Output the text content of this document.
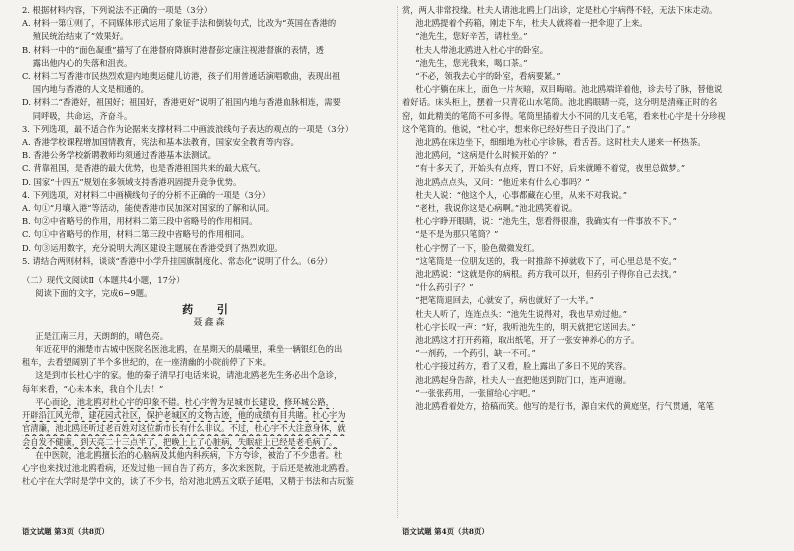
2. 根据材料内容，下列说法不正确的一项是（3分）

A. 材料一第①则了，不同媒体形式运用了象征手法和倒装句式，比改为“英国在香港的

殖民统治结束了”效果好。

B. 材料一中的“面色凝重”描写了在港督府降旗时港督彭定康注视港督旗的表情，透

露出他内心的失落和沮丧。

C. 材料二写香港市民热烈欢迎内地奥运健儿访港，孩子们用普通话演唱歌曲，表现出祖

国内地与香港的人文是相通的。

D. 材料二“香港好，祖国好；祖国好，香港更好”说明了祖国内地与香港血脉相连，需要

同呼吸，共命运，齐奋斗。

3. 下列选项，最不适合作为论据来支撑材料二中画波浪线句子表达的观点的一项是（3分）

A. 香港学校课程增加国情教育，宪法和基本法教育，国家安全教育等内容。

B. 香港公务学校新聘教师均须通过香港基本法测试。

C. 背靠祖国，是香港的最大优势，也是香港祖国共来的最大底气。

D. 国家“十四五”规划在多领域支持香港巩固提升竞争优势。

4. 下列选项，对材料二中画横线句子的分析不正确的一项是（3分）

A. 句①“月壤入港”等活动，能使香港市民加深对国家的了解和认同。

B. 句②中省略号的作用，用材料二第三段中省略号的作用相同。

C. 句①中省略号的作用，材料二第三段中省略号的作用相同。

D. 句③运用数字，充分说明大湾区建设主题展在香港受到了热烈欢迎。

5. 请结合两则材料，谈谈“香港中小学升挂国旗制度化、常态化”说明了什么。（6分）

（二）现代文阅读Ⅱ（本题共4小题，17分）

阅读下面的文字，完成6~9题。

药 引

聂鑫森

正是江南三月，天朗朗的，晴色亮。

年近花甲的湘楚市古城中医院名医池北鸥，在星期天的晨曦里，乘坐一辆银红色的出

租车，去看望阔别了半个多世纪的，在一座清幽的小院前停了下来。

这是到市长杜心宇的家。他的秦子清早打电话来说，请池北鸥老先生务必出个急诊，

每年来看，“心未本来，我自个儿去！”

平心而论，池北鸥对杜心宇的印象不错。杜心宇曾为足城市长建设，修环城公路，

开辟沿江风光带，建花园式社区，保护老城区的文物古迹，他的成绩有目共睹。杜心宇为

官清廉，池北鸥还听过老百姓对这位新市长有什么非议。不过，杜心宇不大注意身体，就

会自发不健康，到天亮二十三点半了，把晚上上了心脏病，失眠症上已经是老毛病了。

在中医院，池北鸥擅长治的心脑病及其他内科疾病，下方夸诊，被治了不少患者。杜

心宇也来找过池北鸥看病，还发过他一回自告了药方，多次来医院，于后还是被池北鸥看。

杜心宇在大学时是学中文的，读了不少书，给对池北鸥五文联子延唱，又精于书法和古玩鉴

赏，两人非常投缘。杜夫人请池北鸥上门出诊，定是杜心宇病得不轻，无法下床走动。

池北鸥提着个药箱，刚走下车，杜夫人就将着一把伞迎了上来。

“池先生，您好辛苦，请杜坐。”

杜夫人带池北鸥进入杜心宇的卧室。

“池先生，您光我来，喝口茶。”

“不必，领我去心宇的卧室，看病要紧。”

杜心宇躺在床上，面色一片灰暗，双目晦暗。池北鸥端详着他，诊去号了脉，替他说

着好话。床头柜上，摆着一只青花山水笔筒。池北鸥眼睛一亮，这分明是清雍正时的名

窑，如此精美的笔筒不可多得。笔筒里插着大小不同的几支毛笔，看来杜心宇是十分珍视

这个笔筒的。他说，“杜心宇，想来你已经好些日子没出门了。”

池北鸥在床边坐下，细细地为杜心宇诊脉，看舌苔。这时杜夫人递来一杯热茶。

池北鸥问，“这病是什么时候开始的？”

“有十多天了，开始头有点疼，胃口不好，后来就睡不着觉，夜里总做梦。”

池北鸥点点头，又问：“他近来有什么心事吗？”

杜夫人说：“他这个人，心事都藏在心里，从来不对我说。”

“老杜，我说你这是心病啊。”池北鸥笑着说。

杜心宇睁开眼睛，说：“池先生，您看得很准，我确实有一件事放不下。”

“是不是为那只笔筒？”

杜心宇愣了一下，脸色微微发红。

“这笔筒是一位朋友送的，我一时推辞不掉就收下了，可心里总是不安。”

池北鸥说：“这就是你的病根。药方我可以开，但药引子得你自己去找。”

“什么药引子？”

“把笔筒退回去，心就安了，病也就好了一大半。”

杜夫人听了，连连点头：“池先生说得对，我也早劝过他。”

杜心宇长叹一声：“好，我听池先生的，明天就把它送回去。”

池北鸥这才打开药箱，取出纸笔，开了一张安神养心的方子。

“一剂药，一个药引，缺一不可。”

杜心宇接过药方，看了又看，脸上露出了多日不见的笑容。

池北鸥起身告辞，杜夫人一直把他送到院门口，连声道谢。

“一张张药用，一张留给心宇吧。”

池北鸥看着处方，拾稿而笑。他写的是行书，源自宋代的黄庭坚，行气贯通，笔笔

语文试题 第3页（共8页）	语文试题 第4页（共8页）
